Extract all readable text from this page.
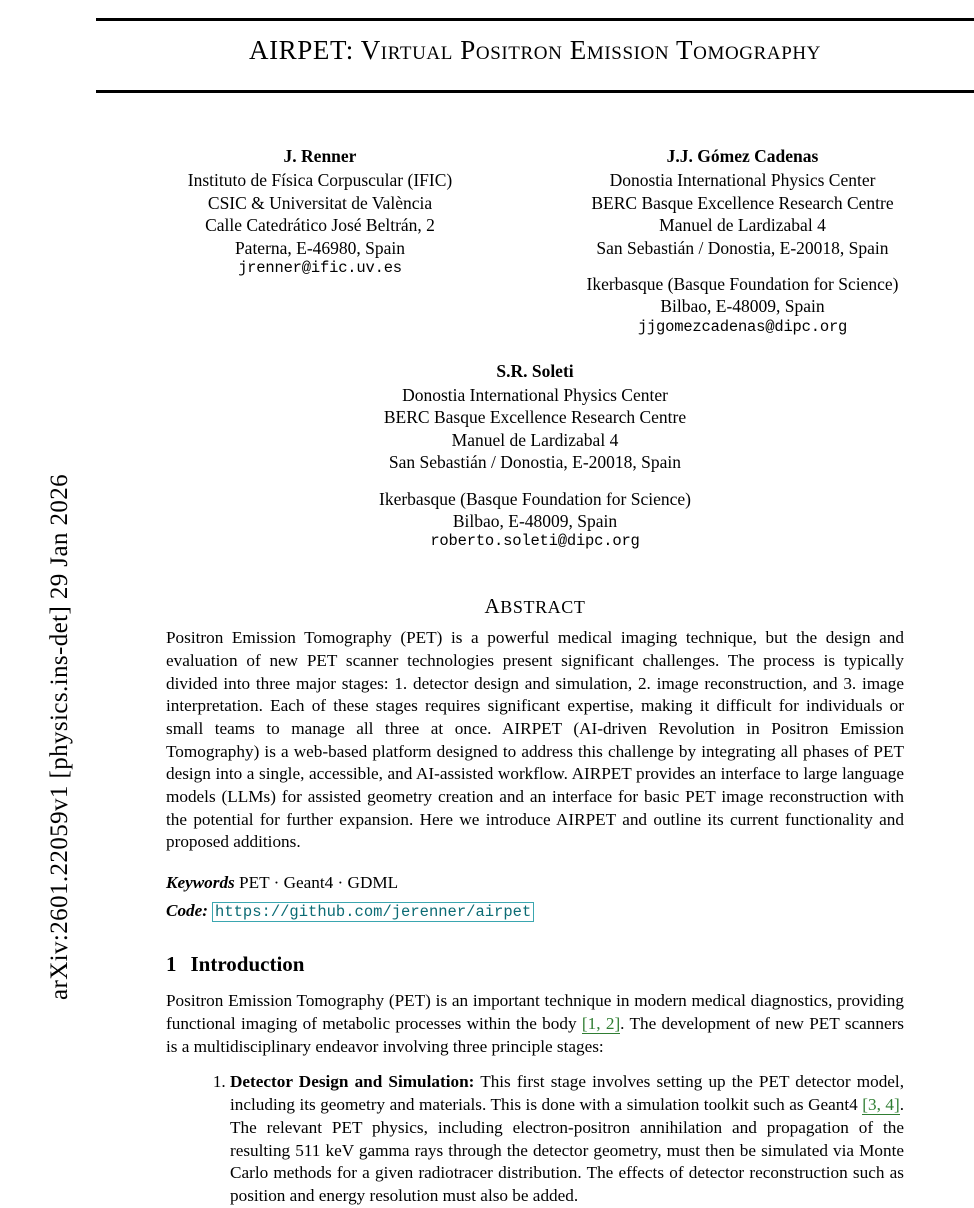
arXiv:2601.22059v1 [physics.ins-det] 29 Jan 2026
AIRPET: Virtual Positron Emission Tomography
J. Renner
Instituto de Física Corpuscular (IFIC)
CSIC & Universitat de València
Calle Catedrático José Beltrán, 2
Paterna, E-46980, Spain
jrenner@ific.uv.es
J.J. Gómez Cadenas
Donostia International Physics Center
BERC Basque Excellence Research Centre
Manuel de Lardizabal 4
San Sebastián / Donostia, E-20018, Spain
Ikerbasque (Basque Foundation for Science)
Bilbao, E-48009, Spain
jjgomezcadenas@dipc.org
S.R. Soleti
Donostia International Physics Center
BERC Basque Excellence Research Centre
Manuel de Lardizabal 4
San Sebastián / Donostia, E-20018, Spain
Ikerbasque (Basque Foundation for Science)
Bilbao, E-48009, Spain
roberto.soleti@dipc.org
ABSTRACT
Positron Emission Tomography (PET) is a powerful medical imaging technique, but the design and evaluation of new PET scanner technologies present significant challenges. The process is typically divided into three major stages: 1. detector design and simulation, 2. image reconstruction, and 3. image interpretation. Each of these stages requires significant expertise, making it difficult for individuals or small teams to manage all three at once. AIRPET (AI-driven Revolution in Positron Emission Tomography) is a web-based platform designed to address this challenge by integrating all phases of PET design into a single, accessible, and AI-assisted workflow. AIRPET provides an interface to large language models (LLMs) for assisted geometry creation and an interface for basic PET image reconstruction with the potential for further expansion. Here we introduce AIRPET and outline its current functionality and proposed additions.
Keywords PET · Geant4 · GDML
Code: https://github.com/jerenner/airpet
1 Introduction
Positron Emission Tomography (PET) is an important technique in modern medical diagnostics, providing functional imaging of metabolic processes within the body [1, 2]. The development of new PET scanners is a multidisciplinary endeavor involving three principle stages:
1. Detector Design and Simulation: This first stage involves setting up the PET detector model, including its geometry and materials. This is done with a simulation toolkit such as Geant4 [3, 4]. The relevant PET physics, including electron-positron annihilation and propagation of the resulting 511 keV gamma rays through the detector geometry, must then be simulated via Monte Carlo methods for a given radiotracer distribution. The effects of detector reconstruction such as position and energy resolution must also be added.
